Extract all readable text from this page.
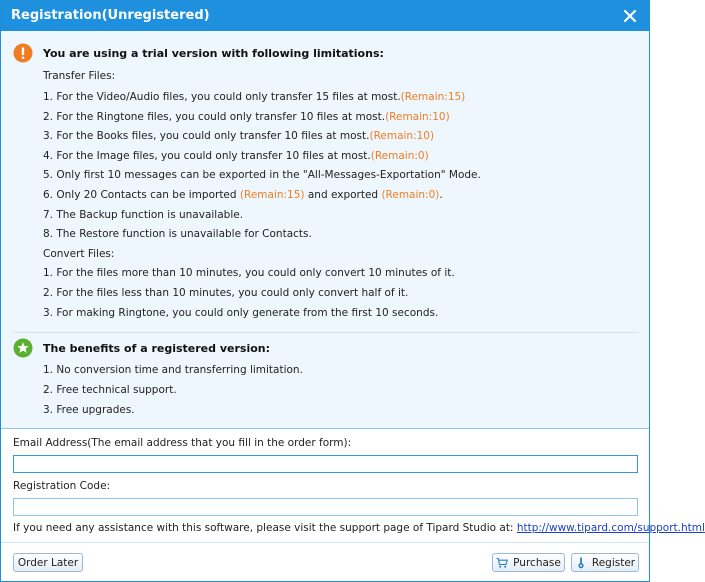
Registration(Unregistered)
You are using a trial version with following limitations:
Transfer Files:
1. For the Video/Audio files, you could only transfer 15 files at most.(Remain:15)
2. For the Ringtone files, you could only transfer 10 files at most.(Remain:10)
3. For the Books files, you could only transfer 10 files at most.(Remain:10)
4. For the Image files, you could only transfer 10 files at most.(Remain:0)
5. Only first 10 messages can be exported in the "All-Messages-Exportation" Mode.
6. Only 20 Contacts can be imported (Remain:15) and exported (Remain:0).
7. The Backup function is unavailable.
8. The Restore function is unavailable for Contacts.
Convert Files:
1. For the files more than 10 minutes, you could only convert 10 minutes of it.
2. For the files less than 10 minutes, you could only convert half of it.
3. For making Ringtone, you could only generate from the first 10 seconds.
The benefits of a registered version:
1. No conversion time and transferring limitation.
2. Free technical support.
3. Free upgrades.
Email Address(The email address that you fill in the order form):
Registration Code:
If you need any assistance with this software, please visit the support page of Tipard Studio at: http://www.tipard.com/support.html
Order Later	Purchase	Register
